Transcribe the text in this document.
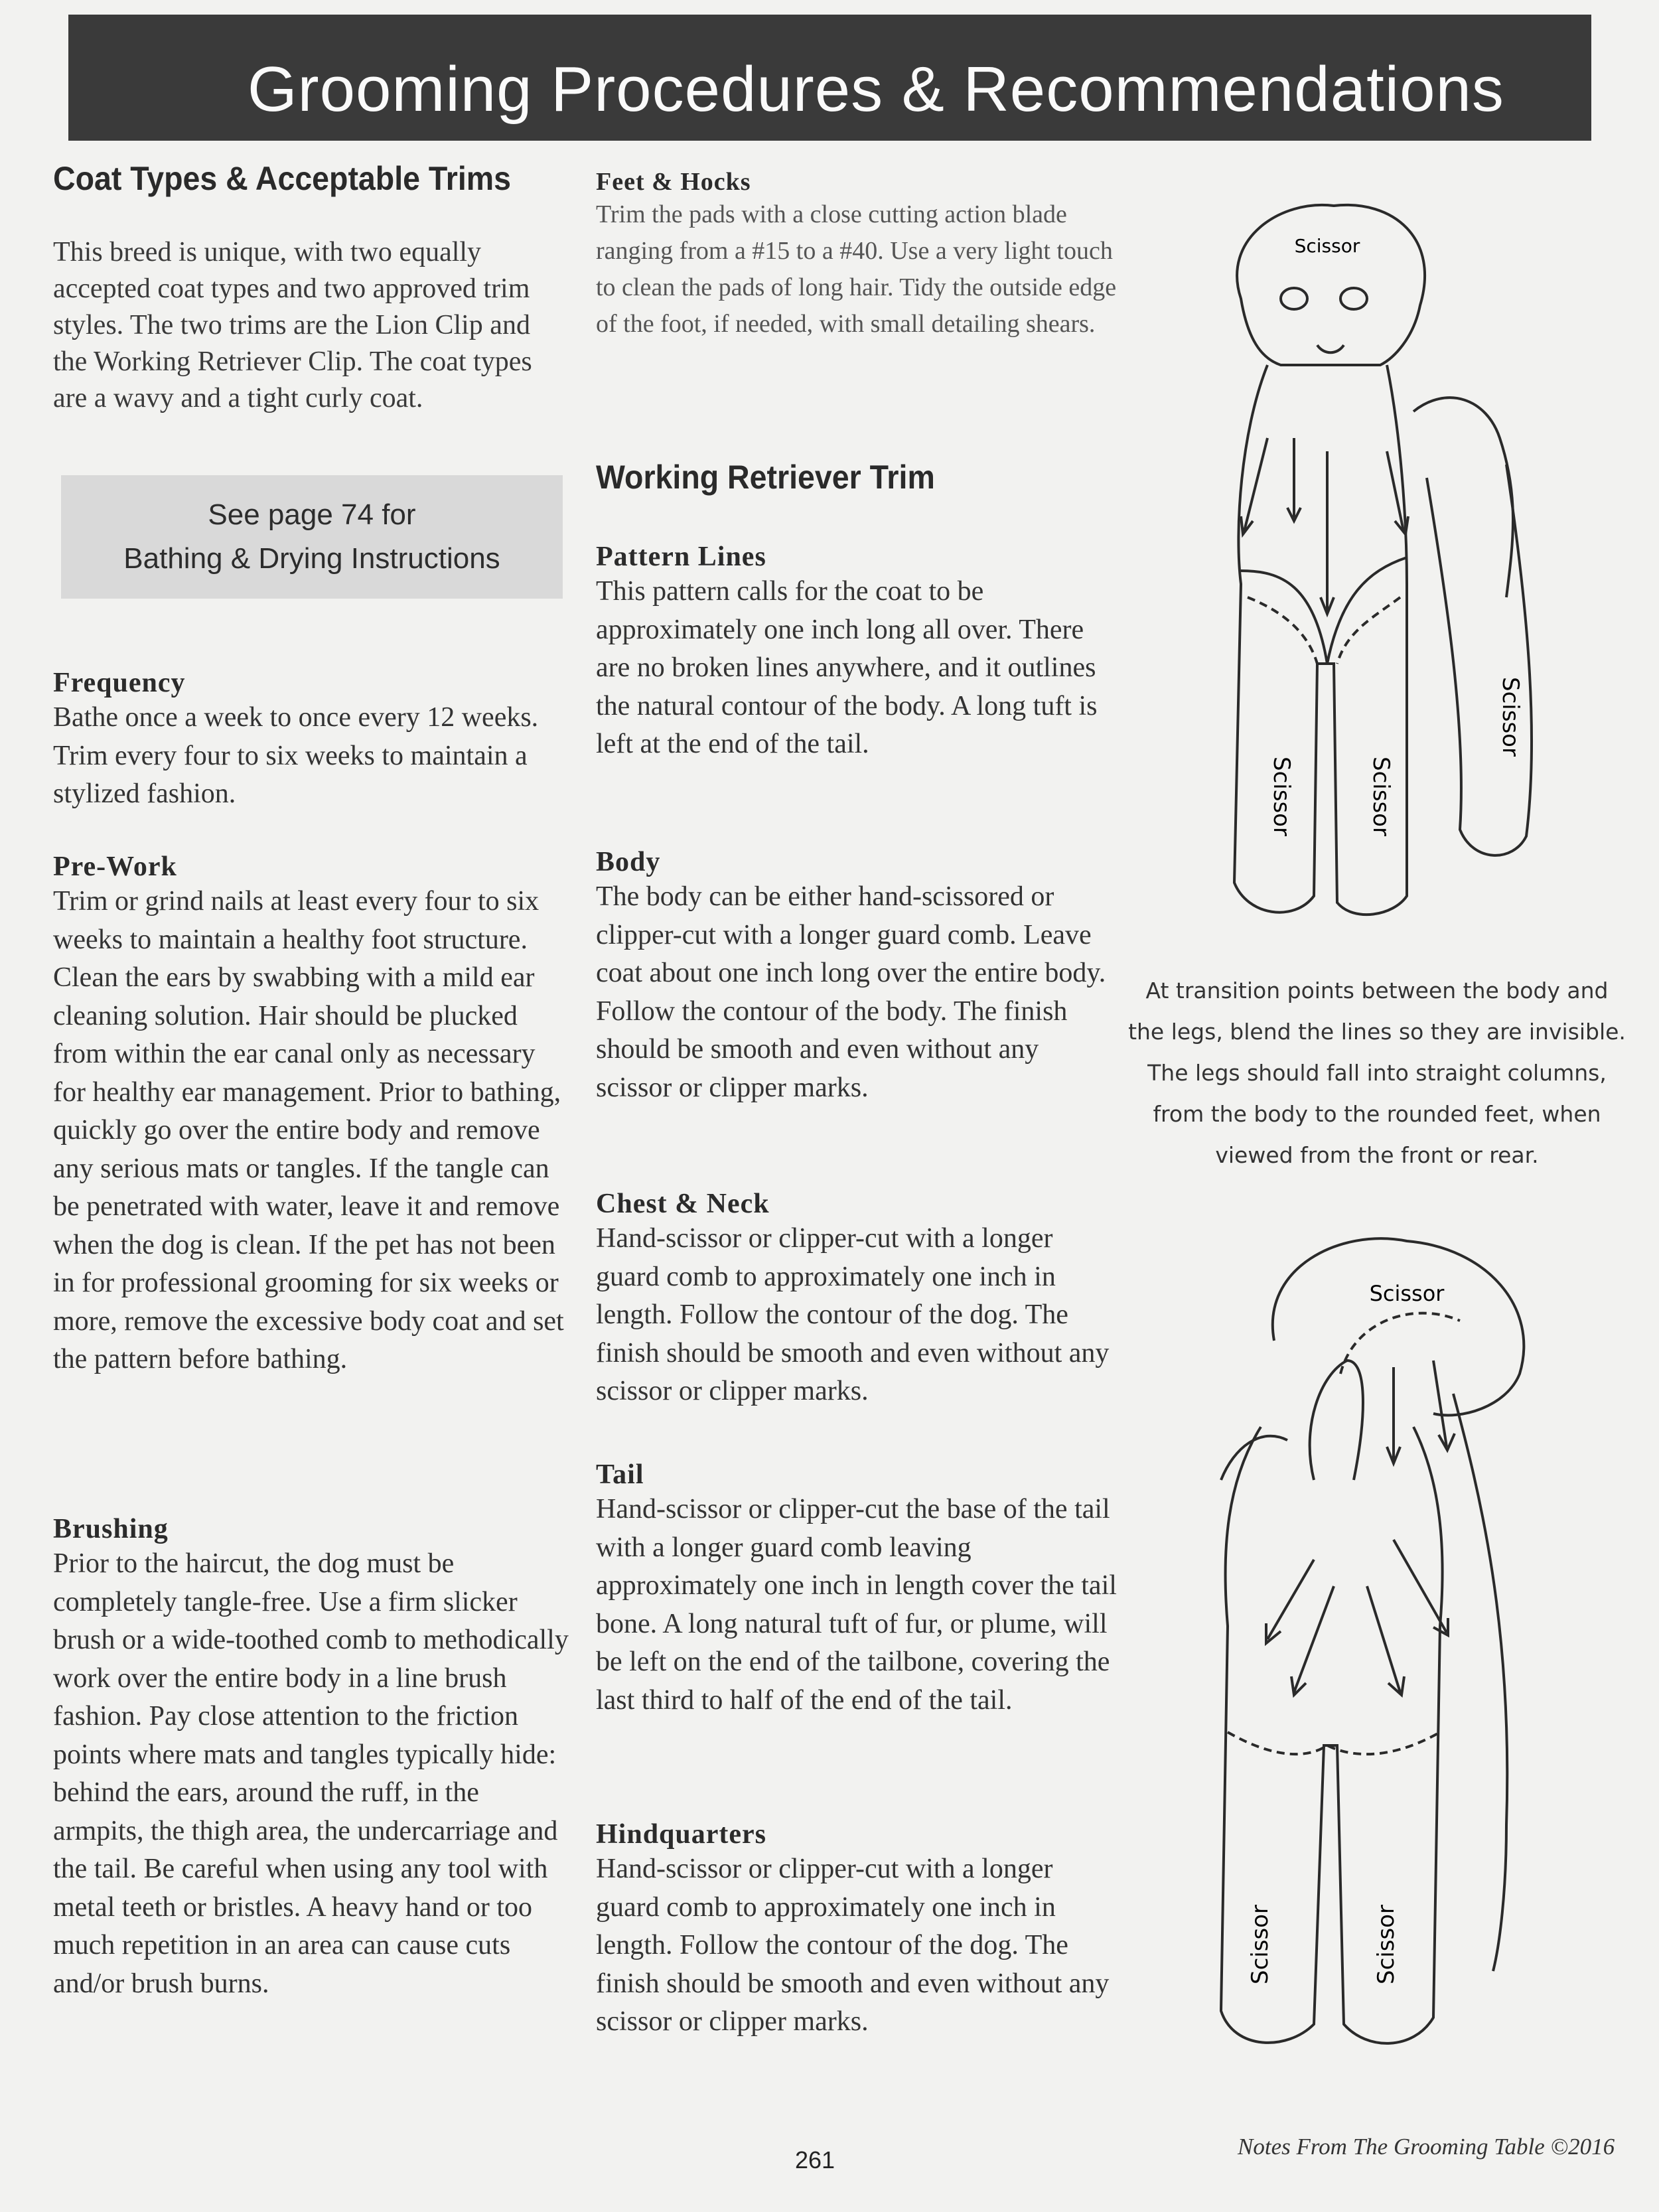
Grooming Procedures & Recommendations
Coat Types & Acceptable Trims

This breed is unique, with two equally accepted coat types and two approved trim styles. The two trims are the Lion Clip and the Working Retriever Clip. The coat types are a wavy and a tight curly coat.

See page 74 for
Bathing & Drying Instructions
Frequency

Bathe once a week to once every 12 weeks. Trim every four to six weeks to maintain a stylized fashion.

Pre-Work

Trim or grind nails at least every four to six weeks to maintain a healthy foot structure. Clean the ears by swabbing with a mild ear cleaning solution. Hair should be plucked from within the ear canal only as necessary for healthy ear management. Prior to bathing, quickly go over the entire body and remove any serious mats or tangles. If the tangle can be penetrated with water, leave it and remove when the dog is clean. If the pet has not been in for professional grooming for six weeks or more, remove the excessive body coat and set the pattern before bathing.

Brushing

Prior to the haircut, the dog must be completely tangle-free. Use a firm slicker brush or a wide-toothed comb to methodically work over the entire body in a line brush fashion. Pay close attention to the friction points where mats and tangles typically hide: behind the ears, around the ruff, in the armpits, the thigh area, the undercarriage and the tail. Be careful when using any tool with metal teeth or bristles. A heavy hand or too much repetition in an area can cause cuts and/or brush burns.

Feet & Hocks

Trim the pads with a close cutting action blade ranging from a #15 to a #40. Use a very light touch to clean the pads of long hair. Tidy the outside edge of the foot, if needed, with small detailing shears.

Working Retriever Trim
Pattern Lines

This pattern calls for the coat to be approximately one inch long all over. There are no broken lines anywhere, and it outlines the natural contour of the body. A long tuft is left at the end of the tail.

Body

The body can be either hand-scissored or clipper-cut with a longer guard comb. Leave coat about one inch long over the entire body. Follow the contour of the body. The finish should be smooth and even without any scissor or clipper marks.

Chest & Neck

Hand-scissor or clipper-cut with a longer guard comb to approximately one inch in length. Follow the contour of the dog. The finish should be smooth and even without any scissor or clipper marks.

Tail

Hand-scissor or clipper-cut the base of the tail with a longer guard comb leaving approximately one inch in length cover the tail bone. A long natural tuft of fur, or plume, will be left on the end of the tailbone, covering the last third to half of the end of the tail.

Hindquarters

Hand-scissor or clipper-cut with a longer guard comb to approximately one inch in length. Follow the contour of the dog. The finish should be smooth and even without any scissor or clipper marks.

Scissor
Scissor	Scissor
Scissor
At transition points between the body and the legs, blend the lines so they are invisible. The legs should fall into straight columns, from the body to the rounded feet, when viewed from the front or rear.
Scissor
Scissor	Scissor
261	Notes From The Grooming Table ©2016
